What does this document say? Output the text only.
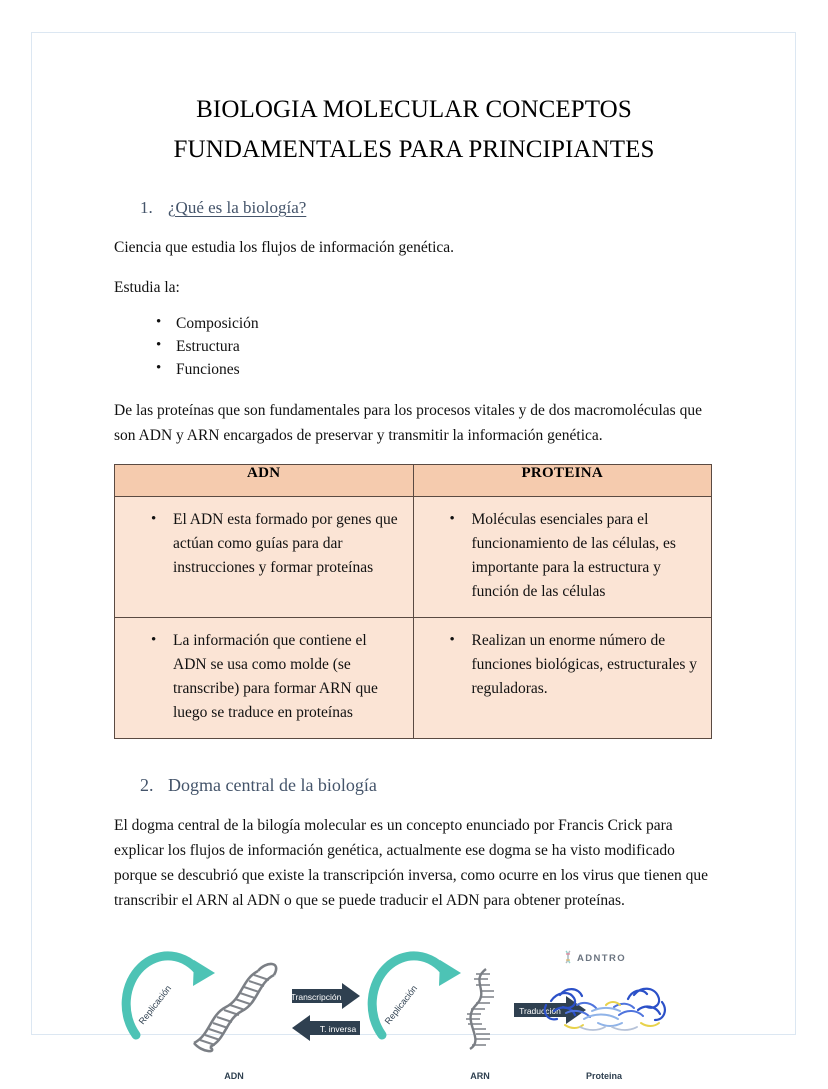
BIOLOGIA MOLECULAR CONCEPTOS
FUNDAMENTALES PARA PRINCIPIANTES
1. ¿Qué es la biología?

Ciencia que estudia los flujos de información genética.

Estudia la:

• Composición
• Estructura
• Funciones

De las proteínas que son fundamentales para los procesos vitales y de dos macromoléculas que son ADN y ARN encargados de preservar y transmitir la información genética.

ADN	PROTEINA

• El ADN esta formado por genes que actúan como guías para dar instrucciones y formar proteínas	• Moléculas esenciales para el funcionamiento de las células, es importante para la estructura y función de las células

• La información que contiene el ADN se usa como molde (se transcribe) para formar ARN que luego se traduce en proteínas	• Realizan un enorme número de funciones biológicas, estructurales y reguladoras.
2. Dogma central de la biología

El dogma central de la bilogía molecular es un concepto enunciado por Francis Crick para explicar los flujos de información genética, actualmente ese dogma se ha visto modificado porque se descubrió que existe la transcripción inversa, como ocurre en los virus que tienen que transcribir el ARN al ADN o que se puede traducir el ADN para obtener proteínas.

Replicación
ADN
Transcripción
T. inversa
Replicación
ARN
Traducción
ADNTRO
Proteina
